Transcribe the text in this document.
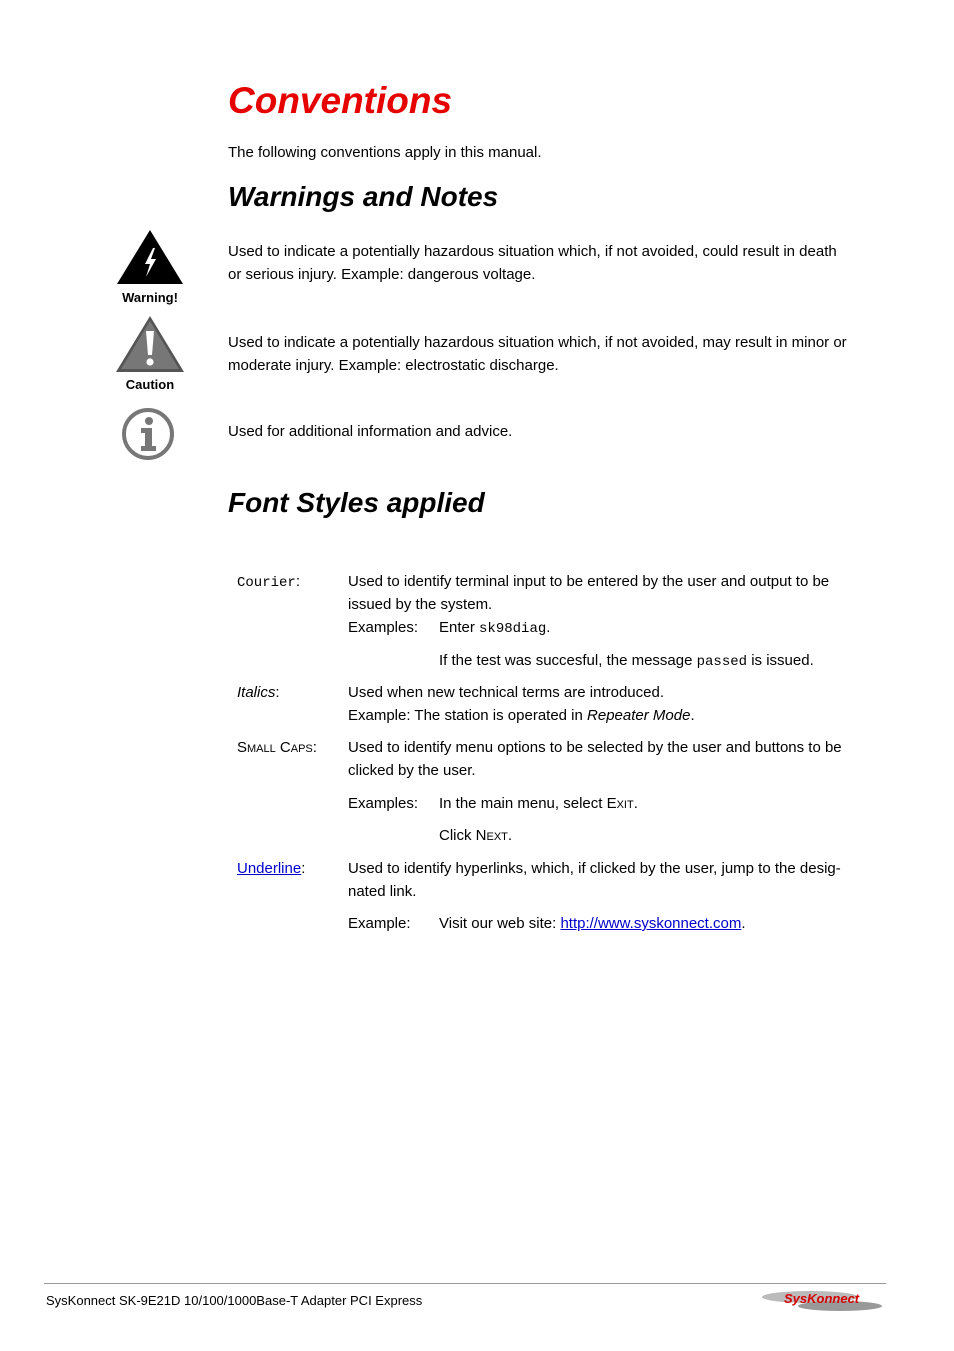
Conventions
The following conventions apply in this manual.
Warnings and Notes
Warning!
Used to indicate a potentially hazardous situation which, if not avoided, could result in death
or serious injury. Example: dangerous voltage.
Caution
Used to indicate a potentially hazardous situation which, if not avoided, may result in minor or
moderate injury. Example: electrostatic discharge.
Used for additional information and advice.
Font Styles applied
Courier:	Used to identify terminal input to be entered by the user and output to be
issued by the system.
Examples: Enter sk98diag.
If the test was succesful, the message passed is issued.
Italics:	Used when new technical terms are introduced.
Example: The station is operated in Repeater Mode.
Small Caps: Used to identify menu options to be selected by the user and buttons to be
clicked by the user.
Examples: In the main menu, select Exit.
Click Next.
Underline:	Used to identify hyperlinks, which, if clicked by the user, jump to the desig-
nated link.
Example: Visit our web site: http://www.syskonnect.com.
SysKonnect SK-9E21D 10/100/1000Base-T Adapter PCI Express	SysKonnect
